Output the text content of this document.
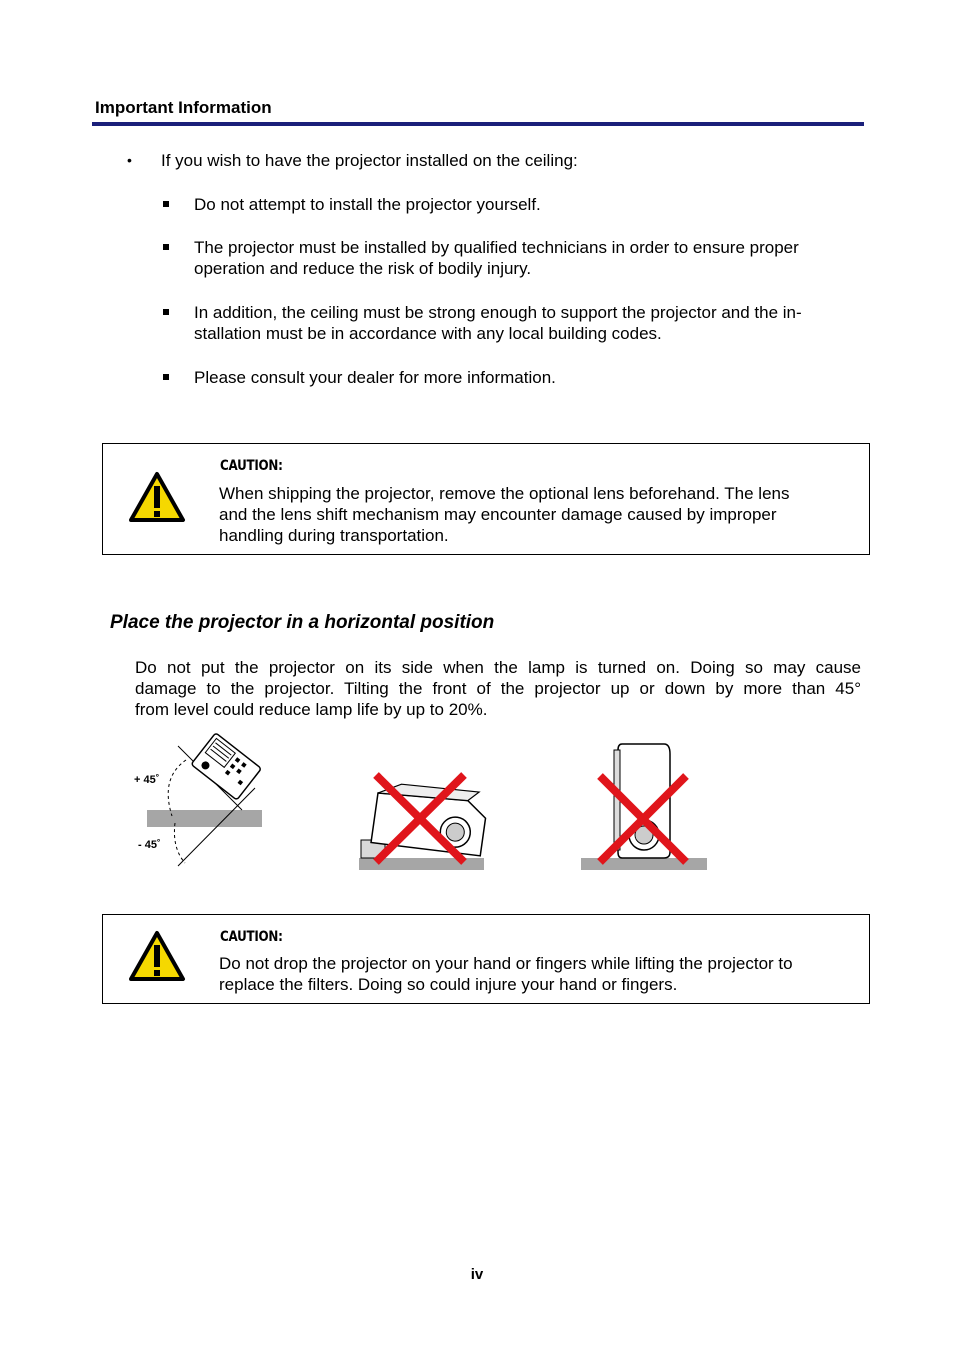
Important Information
• If you wish to have the projector installed on the ceiling:
Do not attempt to install the projector yourself.
The projector must be installed by qualified technicians in order to ensure proper
operation and reduce the risk of bodily injury.
In addition, the ceiling must be strong enough to support the projector and the in-
stallation must be in accordance with any local building codes.
Please consult your dealer for more information.
CAUTION:
When shipping the projector, remove the optional lens beforehand. The lens
and the lens shift mechanism may encounter damage caused by improper
handling during transportation.
Place the projector in a horizontal position
Do not put the projector on its side when the lamp is turned on. Doing so may cause
damage to the projector. Tilting the front of the projector up or down by more than 45°
from level could reduce lamp life by up to 20%.
+ 45˚
- 45˚
CAUTION:
Do not drop the projector on your hand or fingers while lifting the projector to
replace the filters. Doing so could injure your hand or fingers.
iv
